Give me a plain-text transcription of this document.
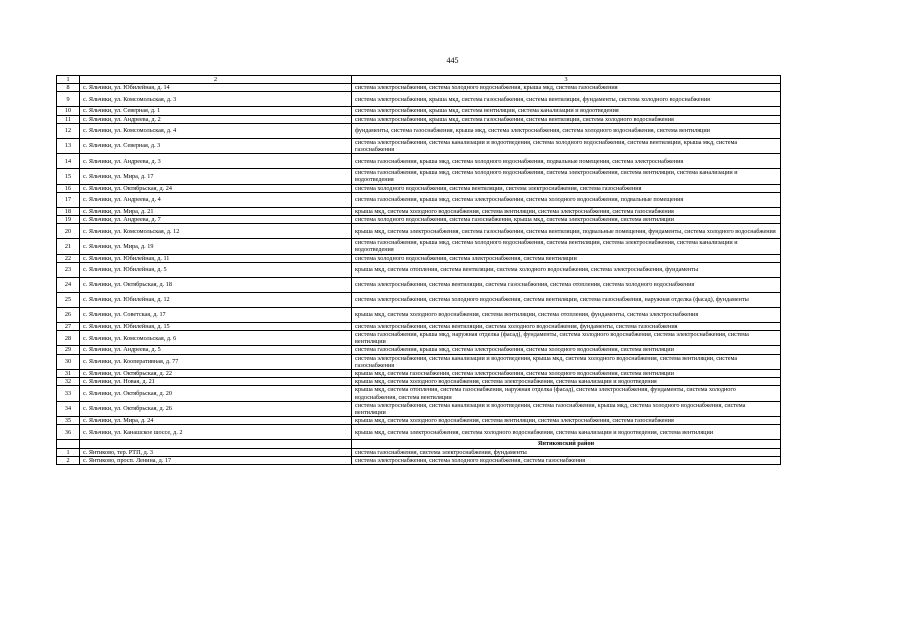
445
1	2	3
8	с. Яльчики, ул. Юбилейная, д. 14	система электроснабжения, система холодного водоснабжения, крыша мкд, система газоснабжения
9	с. Яльчики, ул. Комсомольская, д. 3	система электроснабжения, крыша мкд, система газоснабжения, система вентиляции, фундаменты, система холодного водоснабжения
10	с. Яльчики, ул. Северная, д. 1	система электроснабжения, крыша мкд, система вентиляции, система канализации и водоотведения
11	с. Яльчики, ул. Андреева, д. 2	система электроснабжения, крыша мкд, система газоснабжения, система вентиляции, система холодного водоснабжения
12	с. Яльчики, ул. Комсомольская, д. 4	фундаменты, система газоснабжения, крыша мкд, система электроснабжения, система холодного водоснабжения, система вентиляции
13	с. Яльчики, ул. Северная, д. 3	система электроснабжения, система канализации и водоотведения, система холодного водоснабжения, система вентиляции, крыша мкд, система газоснабжения
14	с. Яльчики, ул. Андреева, д. 3	система газоснабжения, крыша мкд, система холодного водоснабжения, подвальные помещения, система электроснабжения
15	с. Яльчики, ул. Мира, д. 17	система газоснабжения, крыша мкд, система холодного водоснабжения, система электроснабжения, система вентиляции, система канализации и водоотведения
16	с. Яльчики, ул. Октябрьская, д. 24	система холодного водоснабжения, система вентиляции, система электроснабжения, система газоснабжения
17	с. Яльчики, ул. Андреева, д. 4	система газоснабжения, крыша мкд, система электроснабжения, система холодного водоснабжения, подвальные помещения
18	с. Яльчики, ул. Мира, д. 21	крыша мкд, система холодного водоснабжения, система вентиляции, система электроснабжения, система газоснабжения
19	с. Яльчики, ул. Андреева, д. 7	система холодного водоснабжения, система газоснабжения, крыша мкд, система электроснабжения, система вентиляции
20	с. Яльчики, ул. Комсомольская, д. 12	крыша мкд, система электроснабжения, система газоснабжения, система вентиляции, подвальные помещения, фундаменты, система холодного водоснабжения
21	с. Яльчики, ул. Мира, д. 19	система газоснабжения, крыша мкд, система холодного водоснабжения, система вентиляции, система электроснабжения, система канализации и водоотведения
22	с. Яльчики, ул. Юбилейная, д. 11	система холодного водоснабжения, система электроснабжения, система вентиляции
23	с. Яльчики, ул. Юбилейная, д. 5	крыша мкд, система отопления, система вентиляции, система холодного водоснабжения, система электроснабжения, фундаменты
24	с. Яльчики, ул. Октябрьская, д. 18	система электроснабжения, система вентиляции, система газоснабжения, система отопления, система холодного водоснабжения
25	с. Яльчики, ул. Юбилейная, д. 12	система электроснабжения, система холодного водоснабжения, система вентиляции, система газоснабжения, наружная отделка (фасад), фундаменты
26	с. Яльчики, ул. Советская, д. 17	крыша мкд, система холодного водоснабжения, система вентиляции, система отопления, фундаменты, система электроснабжения
27	с. Яльчики, ул. Юбилейная, д. 15	система электроснабжения, система вентиляции, система холодного водоснабжения, фундаменты, система газоснабжения
28	с. Яльчики, ул. Комсомольская, д. 6	система газоснабжения, крыша мкд, наружная отделка (фасад), фундаменты, система холодного водоснабжения, система электроснабжения, система вентиляции
29	с. Яльчики, ул. Андреева, д. 5	система газоснабжения, крыша мкд, система электроснабжения, система холодного водоснабжения, система вентиляции
30	с. Яльчики, ул. Кооперативная, д. 77	система электроснабжения, система канализации и водоотведения, крыша мкд, система холодного водоснабжения, система вентиляции, система газоснабжения
31	с. Яльчики, ул. Октябрьская, д. 22	крыша мкд, система газоснабжения, система электроснабжения, система холодного водоснабжения, система вентиляции
32	с. Яльчики, ул. Новая, д. 21	крыша мкд, система холодного водоснабжения, система электроснабжения, система канализации и водоотведения
33	с. Яльчики, ул. Октябрьская, д. 20	крыша мкд, система отопления, система газоснабжения, наружная отделка (фасад), система электроснабжения, фундаменты, система холодного водоснабжения, система вентиляции
34	с. Яльчики, ул. Октябрьская, д. 26	система электроснабжения, система канализации и водоотведения, система газоснабжения, крыша мкд, система холодного водоснабжения, система вентиляции
35	с. Яльчики, ул. Мира, д. 24	крыша мкд, система холодного водоснабжения, система вентиляции, система электроснабжения, система газоснабжения
36	с. Яльчики, ул. Канашское шоссе, д. 2	крыша мкд, система электроснабжения, система холодного водоснабжения, система канализации и водоотведения, система вентиляции
		Янтиковский район
1	с. Янтиково, тер. РТП, д. 3	система газоснабжения, система электроснабжения, фундаменты
2	с. Янтиково, просп. Ленина, д. 17	система электроснабжения, система холодного водоснабжения, система газоснабжения
